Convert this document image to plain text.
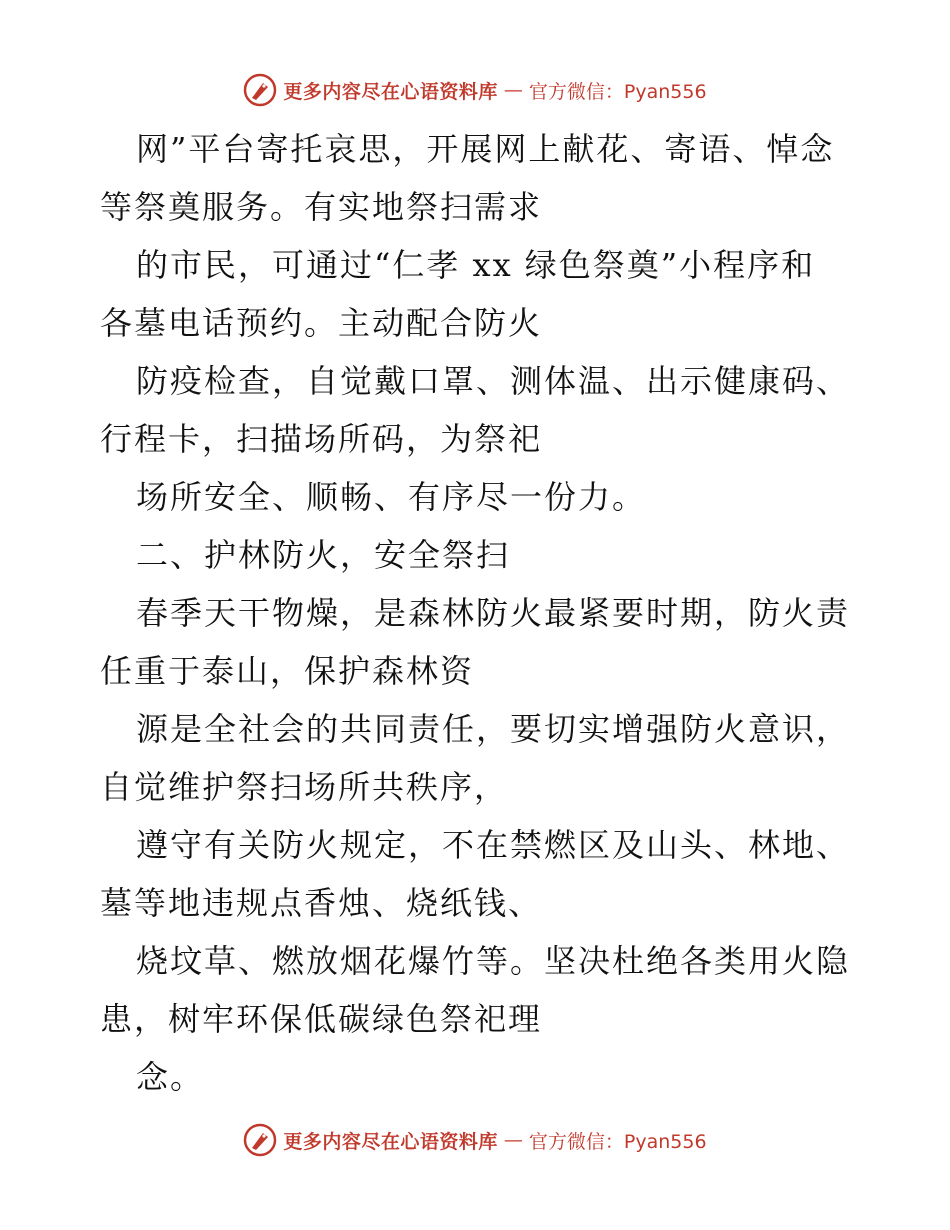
更多内容尽在心语资料库 — 官方微信：Pyan556
网”平台寄托哀思，开展网上献花、寄语、悼念
等祭奠服务。有实地祭扫需求
的市民，可通过“仁孝 xx 绿色祭奠”小程序和
各墓电话预约。主动配合防火
防疫检查，自觉戴口罩、测体温、出示健康码、
行程卡，扫描场所码，为祭祀
场所安全、顺畅、有序尽一份力。
二、护林防火，安全祭扫
春季天干物燥，是森林防火最紧要时期，防火责
任重于泰山，保护森林资
源是全社会的共同责任，要切实增强防火意识，
自觉维护祭扫场所共秩序，
遵守有关防火规定，不在禁燃区及山头、林地、
墓等地违规点香烛、烧纸钱、
烧坟草、燃放烟花爆竹等。坚决杜绝各类用火隐
患，树牢环保低碳绿色祭祀理
念。
更多内容尽在心语资料库 — 官方微信：Pyan556
